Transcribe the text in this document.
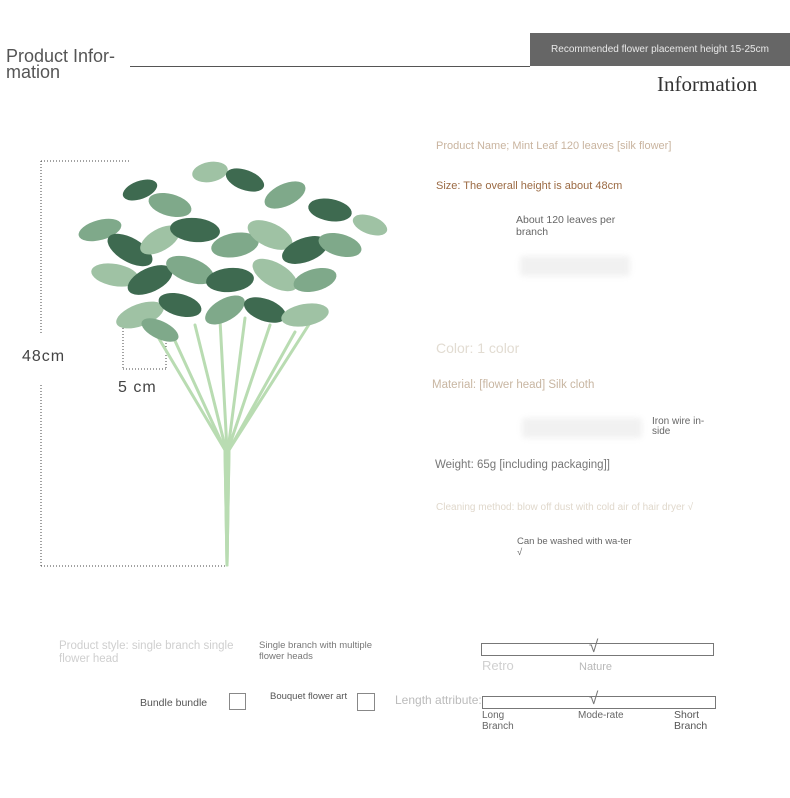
Product Infor-
mation
Recommended flower placement height 15-25cm
Information
48cm
5 cm
Product Name; Mint Leaf 120 leaves [silk flower]
Size: The overall height is about 48cm
About 120 leaves per branch
Color: 1 color
Material: [flower head] Silk cloth
Iron wire in-side
Weight: 65g [including packaging]]
Cleaning method: blow off dust with cold air of hair dryer √
Can be washed with wa-ter √
Product style: single branch single flower head
Single branch with multiple flower heads
Bundle bundle
Bouquet flower art
√
Retro	Nature
Length attribute:	√
Long Branch
Mode-rate	Short Branch
